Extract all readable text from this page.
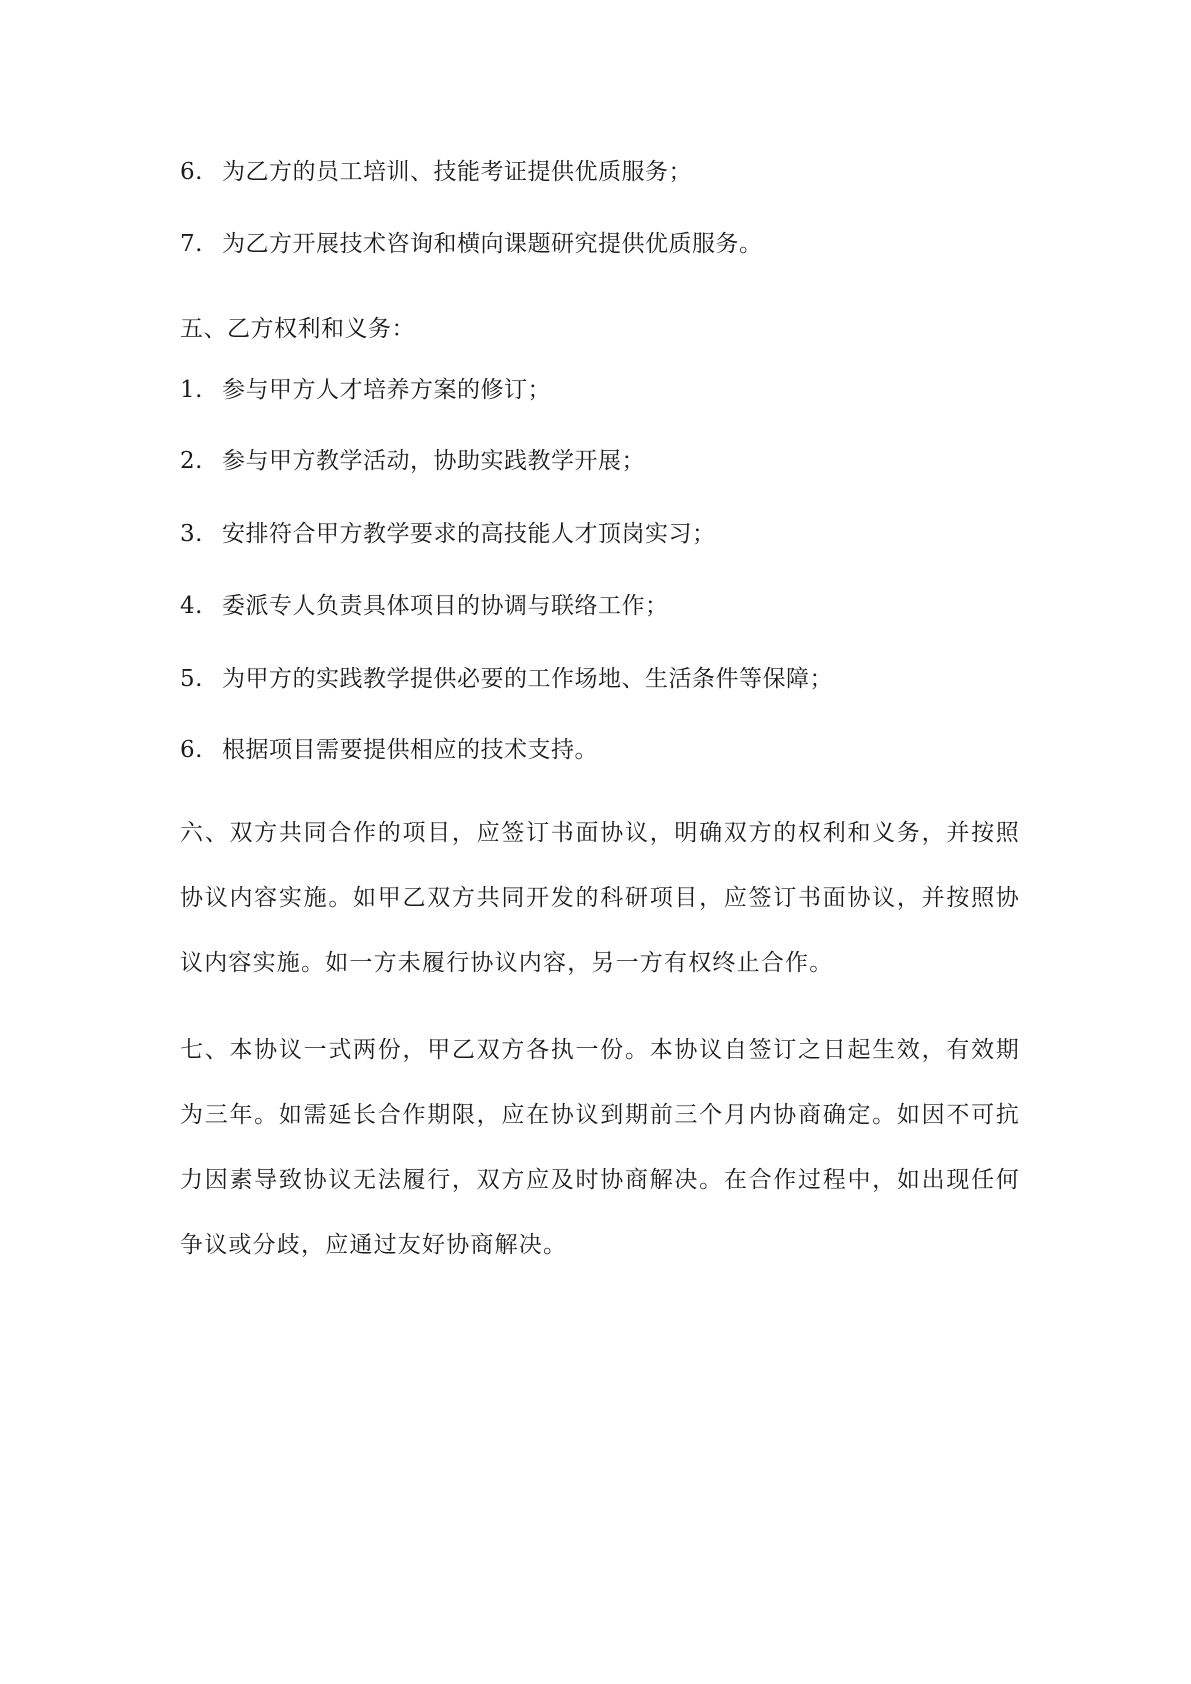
6. 为乙方的员工培训、技能考证提供优质服务；
7. 为乙方开展技术咨询和横向课题研究提供优质服务。
五、乙方权利和义务：
1. 参与甲方人才培养方案的修订；
2. 参与甲方教学活动，协助实践教学开展；
3. 安排符合甲方教学要求的高技能人才顶岗实习；
4. 委派专人负责具体项目的协调与联络工作；
5. 为甲方的实践教学提供必要的工作场地、生活条件等保障；
6. 根据项目需要提供相应的技术支持。
六、双方共同合作的项目，应签订书面协议，明确双方的权利和义务，并按照协议内容实施。如甲乙双方共同开发的科研项目，应签订书面协议，并按照协议内容实施。如一方未履行协议内容，另一方有权终止合作。
七、本协议一式两份，甲乙双方各执一份。本协议自签订之日起生效，有效期为三年。如需延长合作期限，应在协议到期前三个月内协商确定。如因不可抗力因素导致协议无法履行，双方应及时协商解决。在合作过程中，如出现任何争议或分歧，应通过友好协商解决。
